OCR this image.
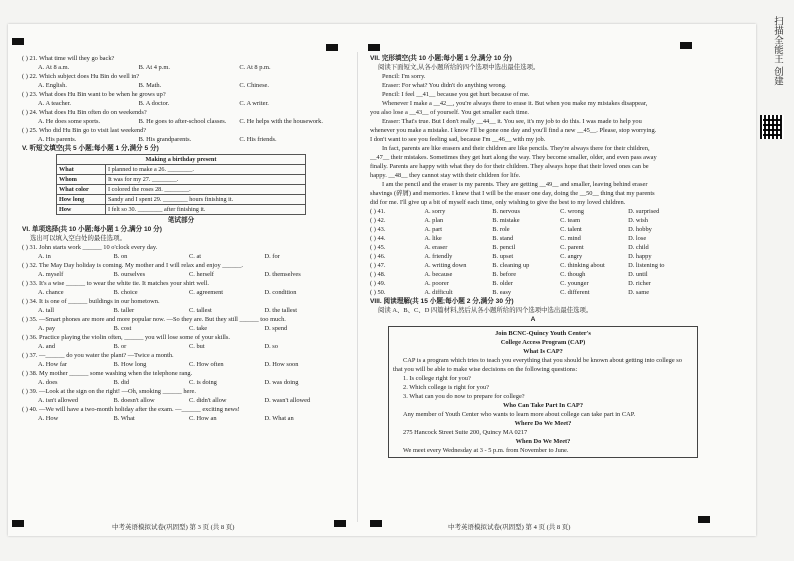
( ) 21. What time will they go back?

A. At 8 a.m.	B. At 4 p.m.	C. At 8 p.m.

( ) 22. Which subject does Hu Bin do well in?

A. English.	B. Math.	C. Chinese.

( ) 23. What does Hu Bin want to be when he grows up?

A. A teacher.	B. A doctor.	C. A writer.

( ) 24. What does Hu Bin often do on weekends?

A. He does some sports.	B. He goes to after-school classes.	C. He helps with the housework.

( ) 25. Who did Hu Bin go to visit last weekend?

A. His parents.	B. His grandparents.	C. His friends.

V. 听短文填空(共 5 小题;每小题 1 分,满分 5 分)

Making a birthday present
What	I planned to make a 26. ________.
Whom	It was for my 27. ________.
What color	I colored the roses 28. ________.
How long	Sandy and I spent 29. ________ hours finishing it.
How	I felt so 30. ________ after finishing it.

笔试部分

VI. 单项选择(共 10 小题;每小题 1 分,满分 10 分)

选出可以填入空白处的最佳选项。

( ) 31. John starts work ______ 10 o'clock every day.

A. in	B. on	C. at	D. for

( ) 32. The May Day holiday is coming. My mother and I will relax and enjoy ______.

A. myself	B. ourselves	C. herself	D. themselves

( ) 33. It's a wise ______ to wear the white tie. It matches your shirt well.

A. chance	B. choice	C. agreement	D. condition

( ) 34. It is one of ______ buildings in our hometown.

A. tall	B. taller	C. tallest	D. the tallest

( ) 35. —Smart phones are more and more popular now. —So they are. But they still ______ too much.

A. pay	B. cost	C. take	D. spend

( ) 36. Practice playing the violin often, ______ you will lose some of your skills.

A. and	B. or	C. but	D. so

( ) 37. —______ do you water the plant? —Twice a month.

A. How far	B. How long	C. How often	D. How soon

( ) 38. My mother ______ some washing when the telephone rang.

A. does	B. did	C. is doing	D. was doing

( ) 39. —Look at the sign on the right! —Oh, smoking ______ here.

A. isn't allowed	B. doesn't allow	C. didn't allow	D. wasn't allowed

( ) 40. —We will have a two-month holiday after the exam. —______ exciting news!

A. How	B. What	C. How an	D. What an
中考英语模拟试卷(巩固型) 第 3 页 (共 8 页)

VII. 完形填空(共 10 小题;每小题 1 分,满分 10 分)

阅读下面短文,从各小题所给的四个选项中选出最佳选项。

Pencil: I'm sorry.

Eraser: For what? You didn't do anything wrong.

Pencil: I feel __41__ because you get hurt because of me.

Whenever I make a __42__, you're always there to erase it. But when you make my mistakes disappear,

you also lose a __43__ of yourself. You get smaller each time.

Eraser: That's true. But I don't really __44__ it. You see, it's my job to do this. I was made to help you

whenever you make a mistake. I know I'll be gone one day and you'll find a new __45__. Please, stop worrying.

I don't want to see you feeling sad, because I'm __46__ with my job.

In fact, parents are like erasers and their children are like pencils. They're always there for their children,

__47__ their mistakes. Sometimes they get hurt along the way. They become smaller, older, and even pass away

finally. Parents are happy with what they do for their children. They always hope that their loved ones can be

happy. __48__ they cannot stay with their children for life.

I am the pencil and the eraser is my parents. They are getting __49__ and smaller, leaving behind eraser

shavings (碎屑) and memories. I knew that I will be the eraser one day, doing the __50__ thing that my parents

did for me. I'll give up a bit of myself each time, only wishing to give the best to my loved children.

( ) 41.	A. sorry	B. nervous	C. wrong	D. surprised
( ) 42.	A. plan	B. mistake	C. team	D. wish
( ) 43.	A. part	B. role	C. talent	D. hobby
( ) 44.	A. like	B. stand	C. mind	D. lose
( ) 45.	A. eraser	B. pencil	C. parent	D. child
( ) 46.	A. friendly	B. upset	C. angry	D. happy
( ) 47.	A. writing down	B. cleaning up	C. thinking about	D. listening to
( ) 48.	A. because	B. before	C. though	D. until
( ) 49.	A. poorer	B. older	C. younger	D. richer
( ) 50.	A. difficult	B. easy	C. different	D. same

VIII. 阅读理解(共 15 小题;每小题 2 分,满分 30 分)

阅读 A、B、C、D 四篇材料,然后从各小题所给的四个选项中选出最佳选项。

A

Join BCNC-Quincy Youth Center's

College Access Program (CAP)

What Is CAP?

CAP is a program which tries to teach you everything that you should be known about getting into college so that you will be able to make wise decisions on the following questions:

1. Is college right for you?

2. Which college is right for you?

3. What can you do now to prepare for college?

Who Can Take Part In CAP?

Any member of Youth Center who wants to learn more about college can take part in CAP.

Where Do We Meet?

275 Hancock Street Suite 200, Quincy MA 0217

When Do We Meet?

We meet every Wednesday at 3 - 5 p.m. from November to June.

中考英语模拟试卷(巩固型) 第 4 页 (共 8 页)
扫描全能王 创建
